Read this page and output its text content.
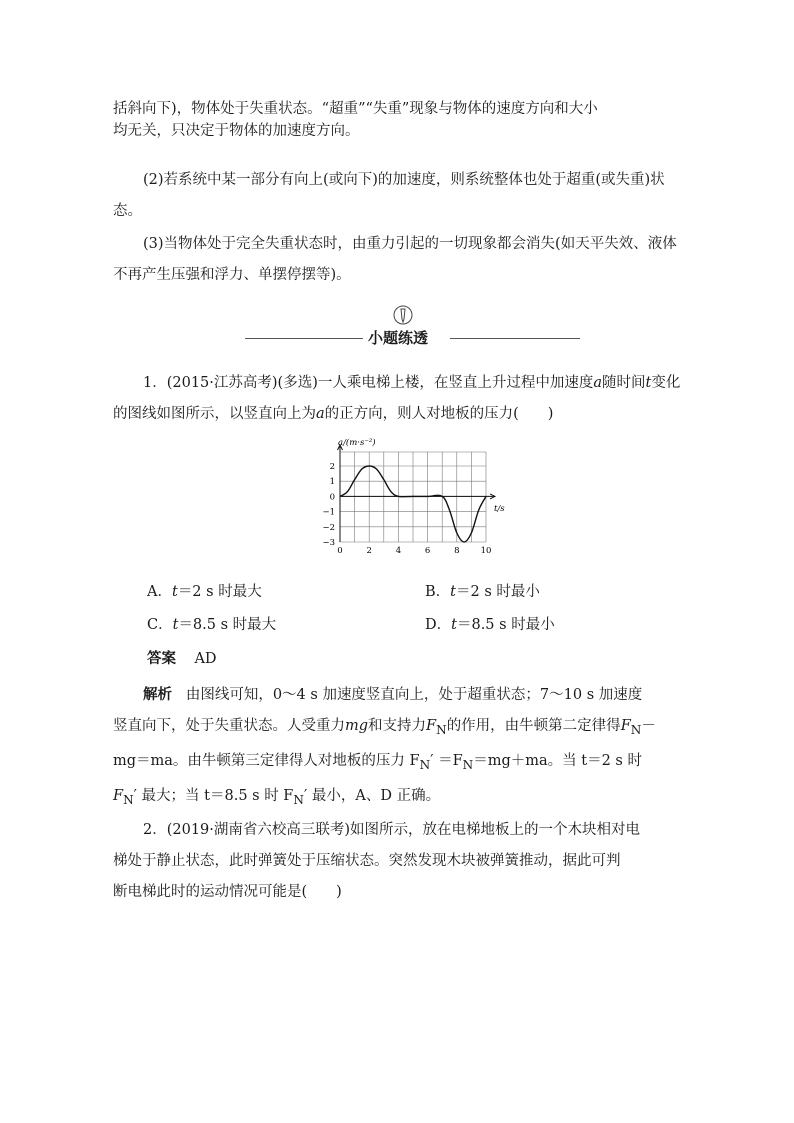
括斜向下)，物体处于失重状态。“超重”“失重”现象与物体的速度方向和大小
均无关，只决定于物体的加速度方向。

(2)若系统中某一部分有向上(或向下)的加速度，则系统整体也处于超重(或失重)状态。

(3)当物体处于完全失重状态时，由重力引起的一切现象都会消失(如天平失效、液体不再产生压强和浮力、单摆停摆等)。

小题练透

1．(2015·江苏高考)(多选)一人乘电梯上楼，在竖直上升过程中加速度a随时间t变化的图线如图所示，以竖直向上为a的正方向，则人对地板的压力(　　)

2
1
0
−1
−2
−3
0	2	4	6	8 10
a/(m·s⁻²)
t/s
A．t＝2 s 时最大	B．t＝2 s 时最小
C．t＝8.5 s 时最大	D．t＝8.5 s 时最小
答案 AD
解析 由图线可知，0～4 s 加速度竖直向上，处于超重状态；7～10 s 加速度
竖直向下，处于失重状态。人受重力mg和支持力$F_N$的作用，由牛顿第二定律得$F_N-$
mg＝ma。由牛顿第三定律得人对地板的压力 $F_N' =F_N=mg+ma$。当 t＝2 s 时
$F_N'$ 最大；当 t＝8.5 s 时 $F_N'$ 最小，A、D 正确。
2．(2019·湖南省六校高三联考)如图所示，放在电梯地板上的一个木块相对电
梯处于静止状态，此时弹簧处于压缩状态。突然发现木块被弹簧推动，据此可判
断电梯此时的运动情况可能是(　　)
